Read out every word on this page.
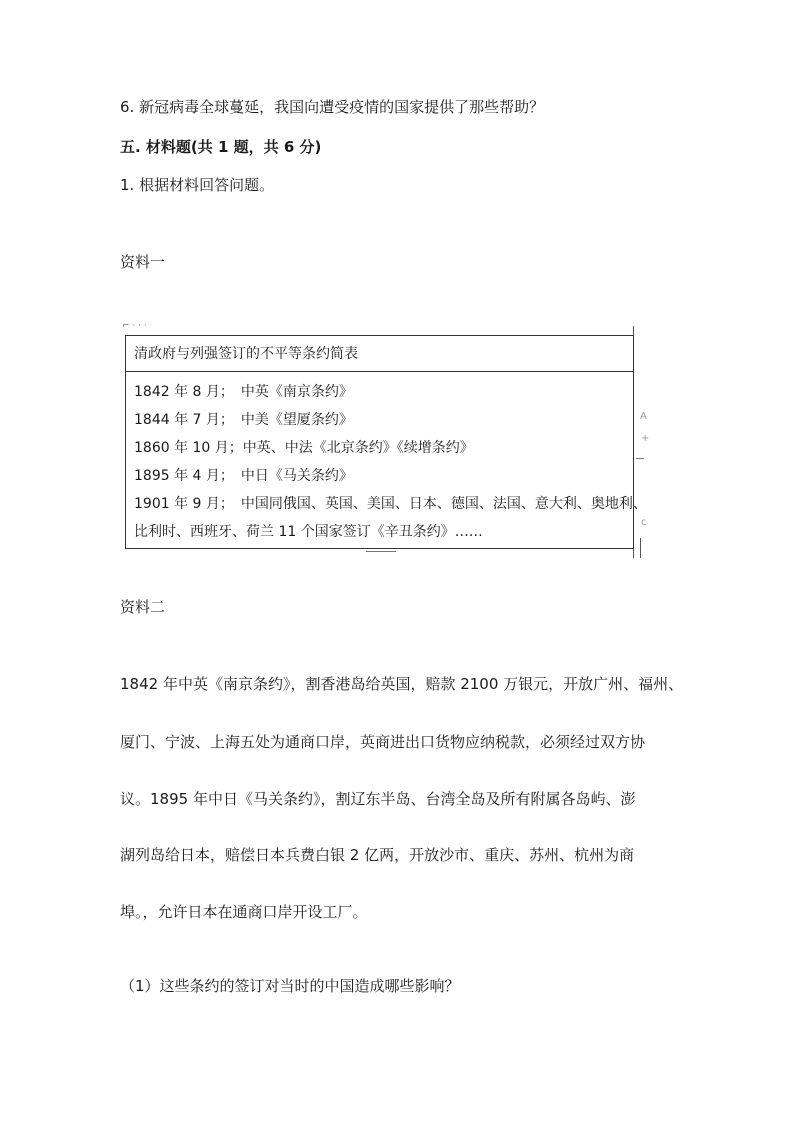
6. 新冠病毒全球蔓延，我国向遭受疫情的国家提供了那些帮助？
五. 材料题(共 1 题，共 6 分)
1. 根据材料回答问题。
资料一
⌐ · · ·
A
+
c
清政府与列强签订的不平等条约简表
1842 年 8 月；　中英《南京条约》
1844 年 7 月；　中美《望厦条约》
1860 年 10 月；中英、中法《北京条约》《续增条约》
1895 年 4 月；　中日《马关条约》
1901 年 9 月；　中国同俄国、英国、美国、日本、德国、法国、意大利、奥地利、
比利时、西班牙、荷兰 11 个国家签订《辛丑条约》……
资料二
1842 年中英《南京条约》，割香港岛给英国，赔款 2100 万银元，开放广州、福州、
厦门、宁波、上海五处为通商口岸，英商进出口货物应纳税款，必须经过双方协
议。1895 年中日《马关条约》，割辽东半岛、台湾全岛及所有附属各岛屿、澎
湖列岛给日本，赔偿日本兵费白银 2 亿两，开放沙市、重庆、苏州、杭州为商
埠。，允许日本在通商口岸开设工厂。
（1）这些条约的签订对当时的中国造成哪些影响？
